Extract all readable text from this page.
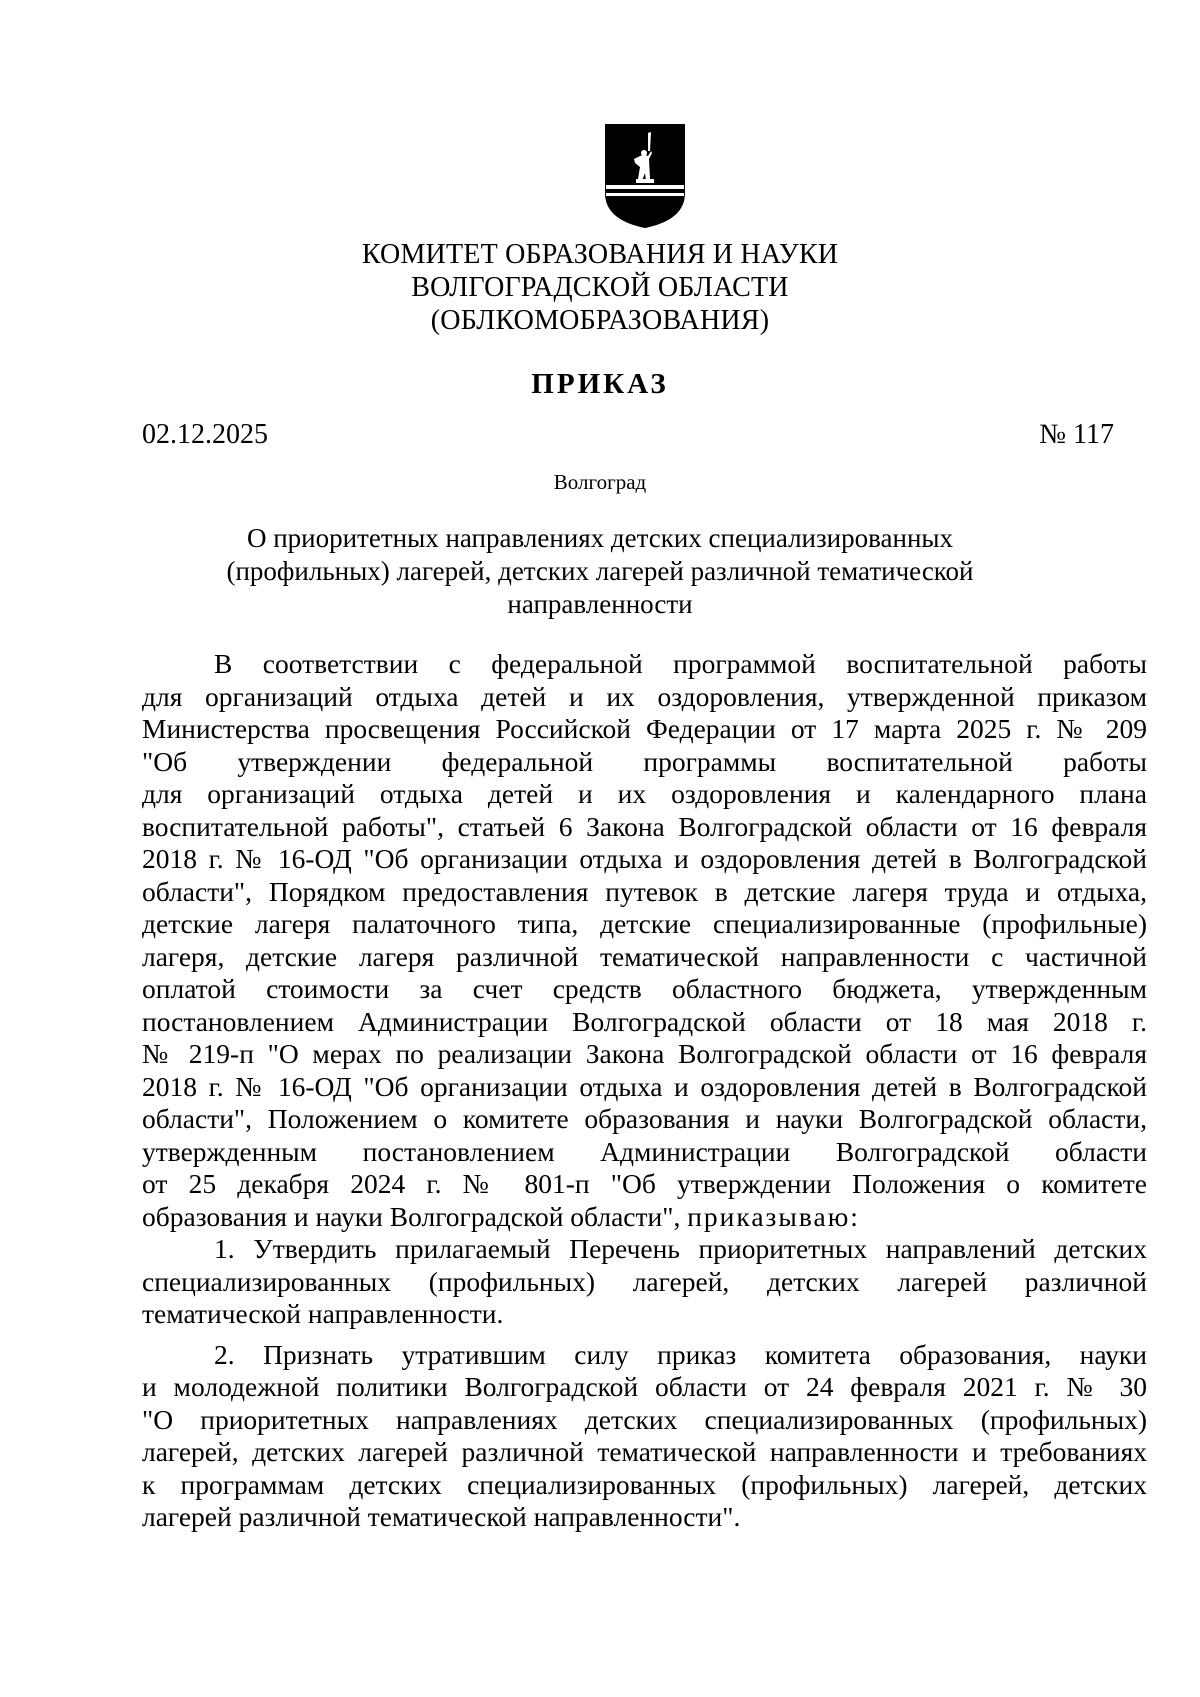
КОМИТЕТ ОБРАЗОВАНИЯ И НАУКИ
ВОЛГОГРАДСКОЙ ОБЛАСТИ
(ОБЛКОМОБРАЗОВАНИЯ)
ПРИКАЗ
02.12.2025	№ 117
Волгоград
О приоритетных направлениях детских специализированных
(профильных) лагерей, детских лагерей различной тематической
направленности
В соответствии с федеральной программой воспитательной работы
для организаций отдыха детей и их оздоровления, утвержденной приказом
Министерства просвещения Российской Федерации от 17 марта 2025 г. № 209
"Об утверждении федеральной программы воспитательной работы
для организаций отдыха детей и их оздоровления и календарного плана
воспитательной работы", статьей 6 Закона Волгоградской области от 16 февраля
2018 г. № 16-ОД "Об организации отдыха и оздоровления детей в Волгоградской
области", Порядком предоставления путевок в детские лагеря труда и отдыха,
детские лагеря палаточного типа, детские специализированные (профильные)
лагеря, детские лагеря различной тематической направленности с частичной
оплатой стоимости за счет средств областного бюджета, утвержденным
постановлением Администрации Волгоградской области от 18 мая 2018 г.
№ 219-п "О мерах по реализации Закона Волгоградской области от 16 февраля
2018 г. № 16-ОД "Об организации отдыха и оздоровления детей в Волгоградской
области", Положением о комитете образования и науки Волгоградской области,
утвержденным постановлением Администрации Волгоградской области
от 25 декабря 2024 г. № 801-п "Об утверждении Положения о комитете
образования и науки Волгоградской области", приказываю:
1. Утвердить прилагаемый Перечень приоритетных направлений детских
специализированных (профильных) лагерей, детских лагерей различной
тематической направленности.
2. Признать утратившим силу приказ комитета образования, науки
и молодежной политики Волгоградской области от 24 февраля 2021 г. № 30
"О приоритетных направлениях детских специализированных (профильных)
лагерей, детских лагерей различной тематической направленности и требованиях
к программам детских специализированных (профильных) лагерей, детских
лагерей различной тематической направленности".
